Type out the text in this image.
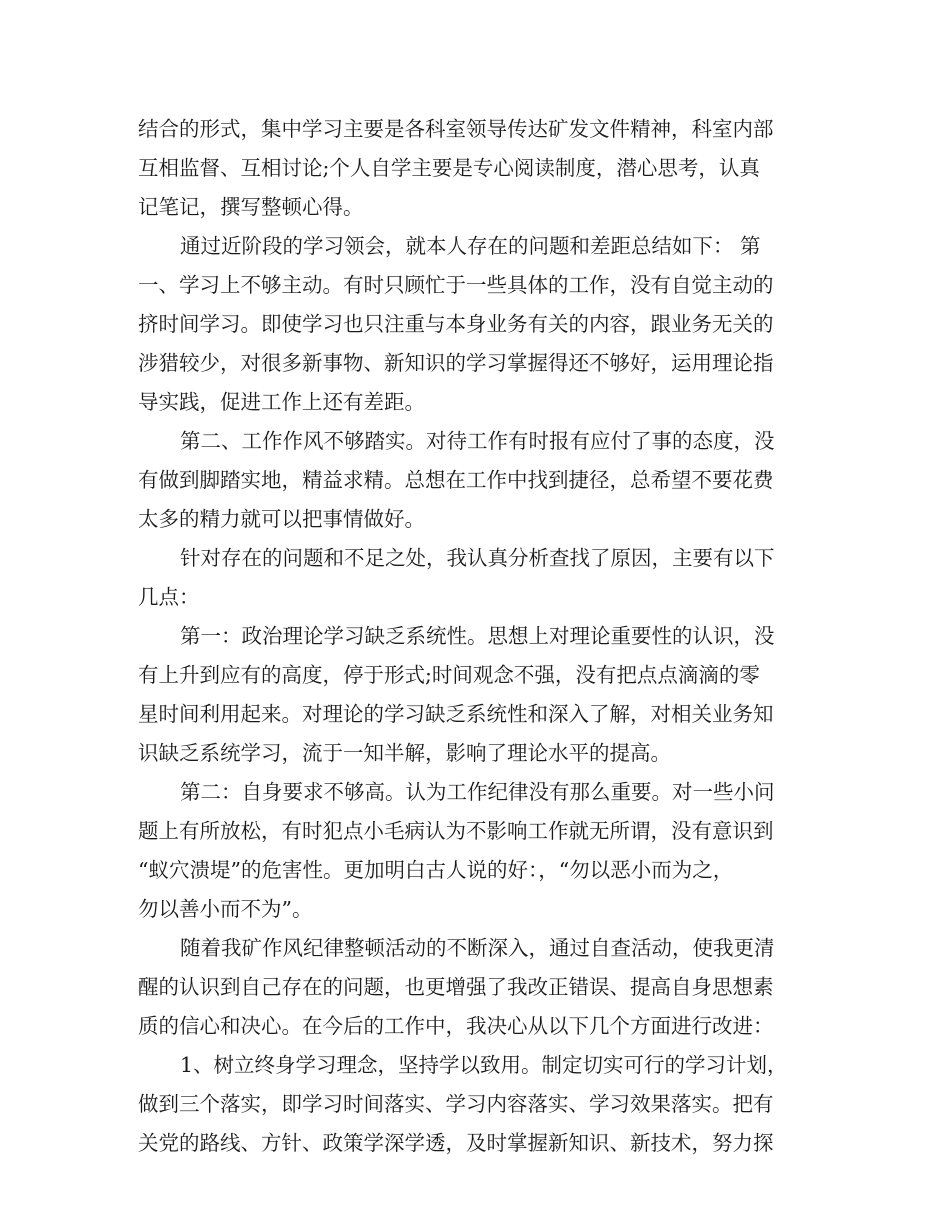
结合的形式，集中学习主要是各科室领导传达矿发文件精神，科室内部
互相监督、互相讨论;个人自学主要是专心阅读制度，潜心思考，认真
记笔记，撰写整顿心得。
通过近阶段的学习领会，就本人存在的问题和差距总结如下： 第
一、学习上不够主动。有时只顾忙于一些具体的工作，没有自觉主动的
挤时间学习。即使学习也只注重与本身业务有关的内容，跟业务无关的
涉猎较少，对很多新事物、新知识的学习掌握得还不够好，运用理论指
导实践，促进工作上还有差距。
第二、工作作风不够踏实。对待工作有时报有应付了事的态度，没
有做到脚踏实地，精益求精。总想在工作中找到捷径，总希望不要花费
太多的精力就可以把事情做好。
针对存在的问题和不足之处，我认真分析查找了原因，主要有以下
几点：
第一：政治理论学习缺乏系统性。思想上对理论重要性的认识，没
有上升到应有的高度，停于形式;时间观念不强，没有把点点滴滴的零
星时间利用起来。对理论的学习缺乏系统性和深入了解，对相关业务知
识缺乏系统学习，流于一知半解，影响了理论水平的提高。
第二：自身要求不够高。认为工作纪律没有那么重要。对一些小问
题上有所放松，有时犯点小毛病认为不影响工作就无所谓，没有意识到
“蚁穴溃堤”的危害性。更加明白古人说的好：，“勿以恶小而为之，
勿以善小而不为”。
随着我矿作风纪律整顿活动的不断深入，通过自查活动，使我更清
醒的认识到自己存在的问题，也更增强了我改正错误、提高自身思想素
质的信心和决心。在今后的工作中，我决心从以下几个方面进行改进：
1、树立终身学习理念，坚持学以致用。制定切实可行的学习计划，
做到三个落实，即学习时间落实、学习内容落实、学习效果落实。把有
关党的路线、方针、政策学深学透，及时掌握新知识、新技术，努力探
